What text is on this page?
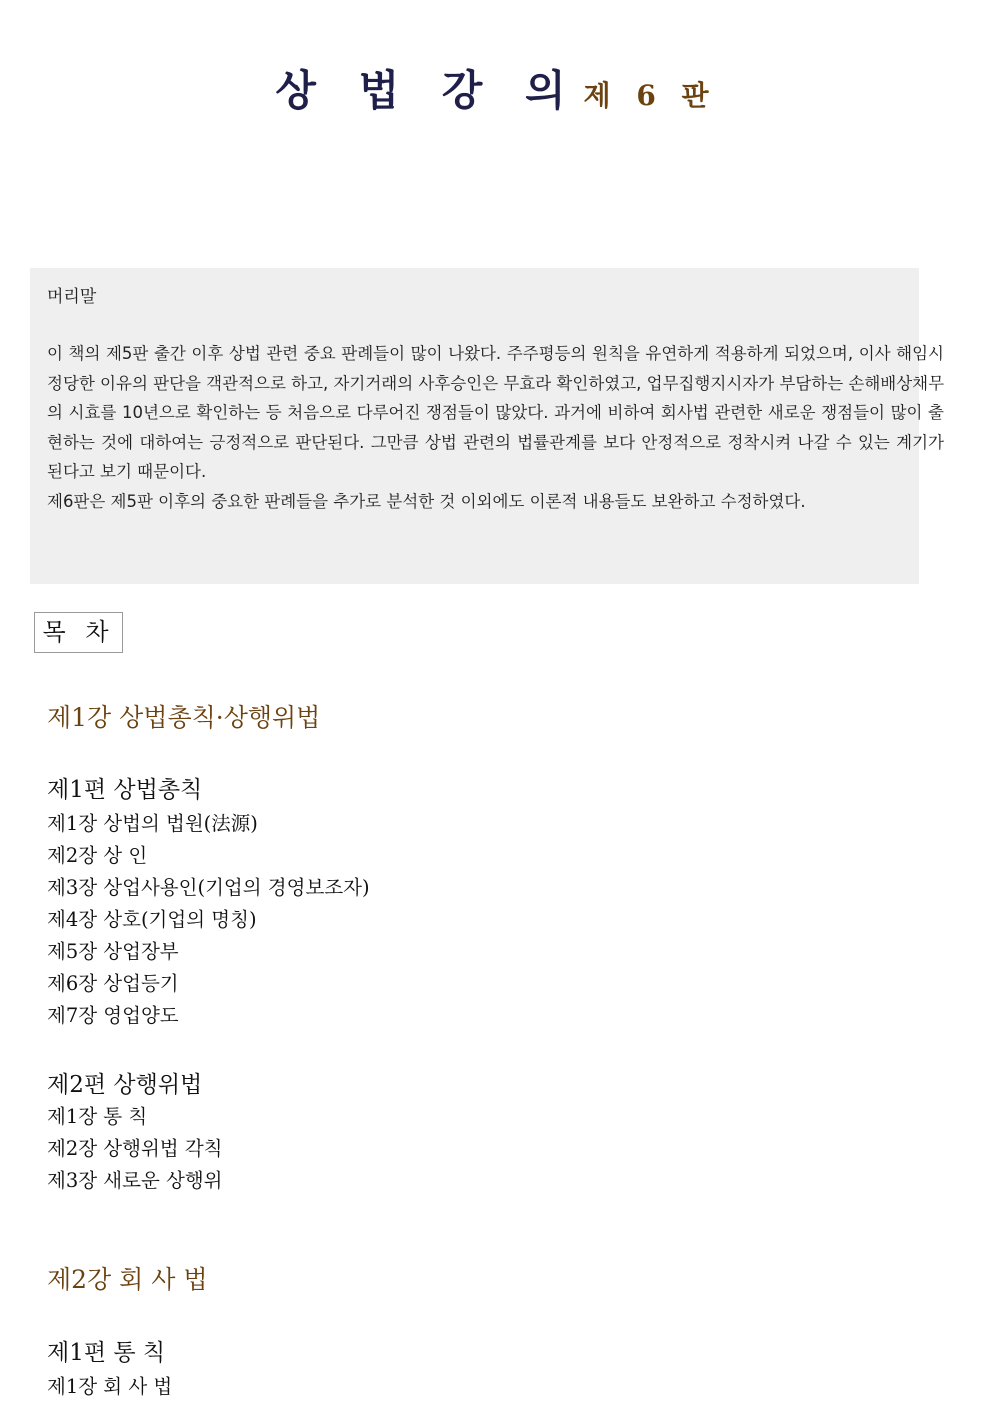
상 법 강 의 제 6 판
머리말

이 책의 제5판 출간 이후 상법 관련 중요 판례들이 많이 나왔다. 주주평등의 원칙을 유연하게 적용하게 되었으며, 이사 해임시 정당한 이유의 판단을 객관적으로 하고, 자기거래의 사후승인은 무효라 확인하였고, 업무집행지시자가 부담하는 손해배상채무의 시효를 10년으로 확인하는 등 처음으로 다루어진 쟁점들이 많았다. 과거에 비하여 회사법 관련한 새로운 쟁점들이 많이 출현하는 것에 대하여는 긍정적으로 판단된다. 그만큼 상법 관련의 법률관계를 보다 안정적으로 정착시켜 나갈 수 있는 계기가 된다고 보기 때문이다.

제6판은 제5판 이후의 중요한 판례들을 추가로 분석한 것 이외에도 이론적 내용들도 보완하고 수정하였다.

목 차
제1강 상법총칙·상행위법
제1편 상법총칙
제1장 상법의 법원(法源)
제2장 상 인
제3장 상업사용인(기업의 경영보조자)
제4장 상호(기업의 명칭)
제5장 상업장부
제6장 상업등기
제7장 영업양도
제2편 상행위법
제1장 통 칙
제2장 상행위법 각칙
제3장 새로운 상행위
제2강 회 사 법
제1편 통 칙
제1장 회 사 법
